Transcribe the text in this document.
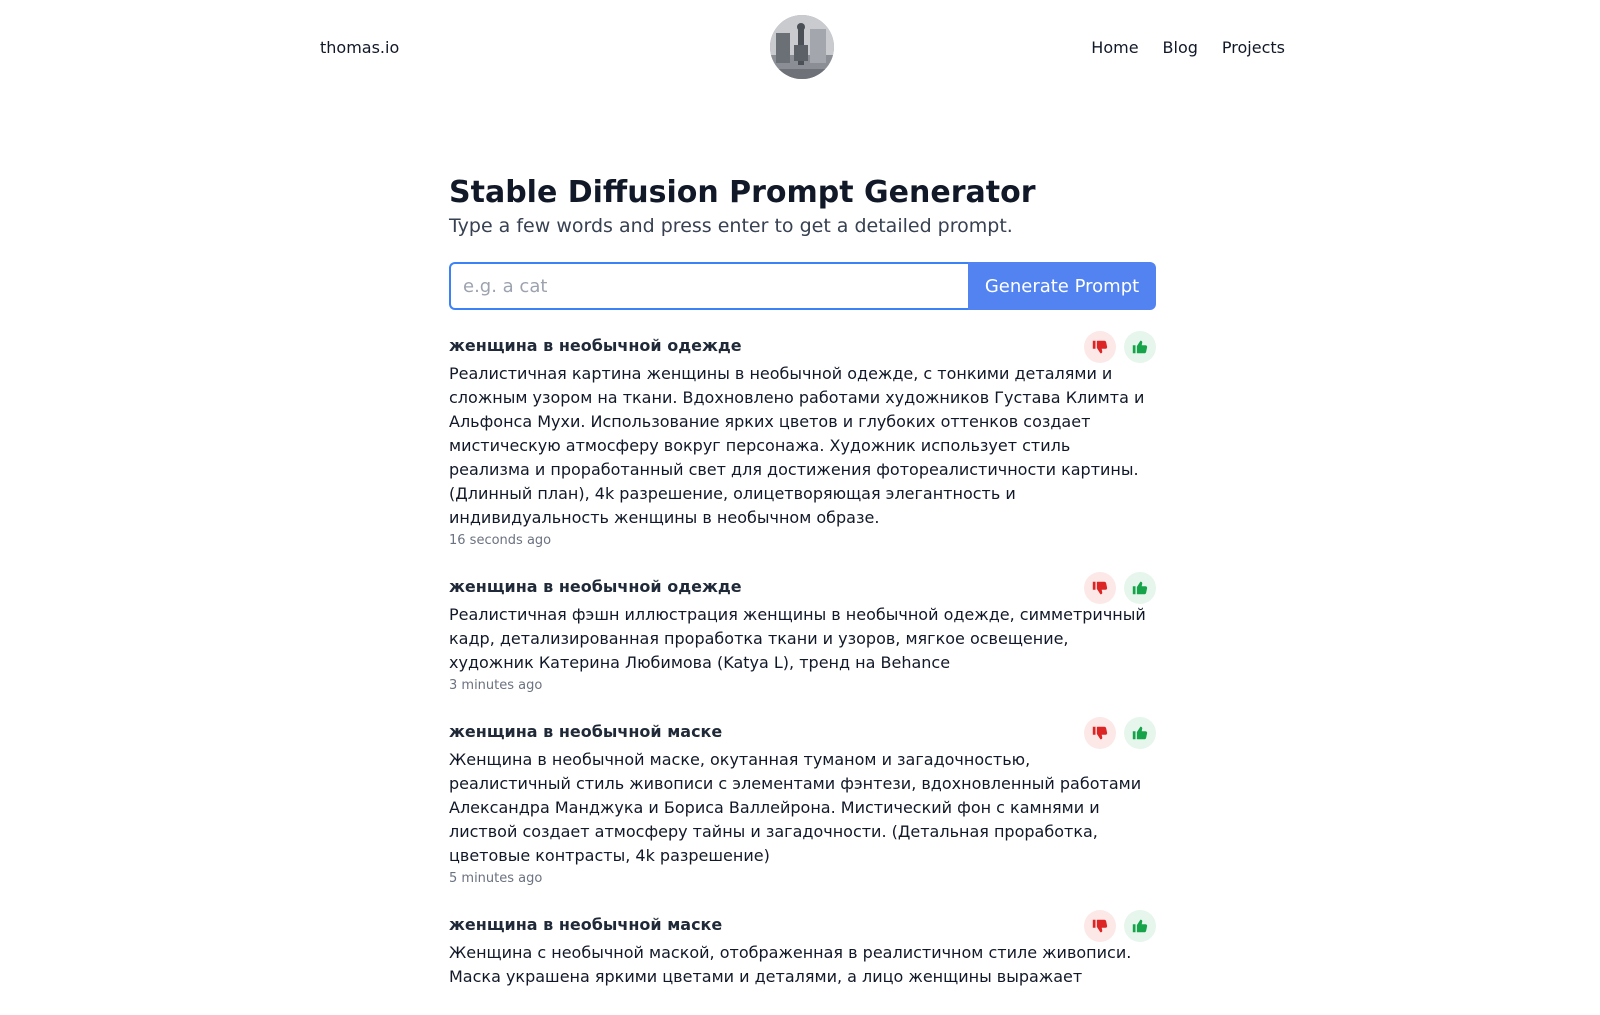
thomas.io	Home Blog Projects
Stable Diffusion Prompt Generator

Type a few words and press enter to get a detailed prompt.

e.g. a cat
Generate Prompt
женщина в необычной одежде

Реалистичная картина женщины в необычной одежде, с тонкими деталями и сложным узором на ткани. Вдохновлено работами художников Густава Климта и Альфонса Мухи. Использование ярких цветов и глубоких оттенков создает мистическую атмосферу вокруг персонажа. Художник использует стиль реализма и проработанный свет для достижения фотореалистичности картины. (Длинный план), 4k разрешение, олицетворяющая элегантность и индивидуальность женщины в необычном образе.

16 seconds ago
женщина в необычной одежде

Реалистичная фэшн иллюстрация женщины в необычной одежде, симметричный кадр, детализированная проработка ткани и узоров, мягкое освещение, художник Катерина Любимова (Katya L), тренд на Behance

3 minutes ago
женщина в необычной маске

Женщина в необычной маске, окутанная туманом и загадочностью, реалистичный стиль живописи с элементами фэнтези, вдохновленный работами Александра Манджука и Бориса Валлейрона. Мистический фон с камнями и листвой создает атмосферу тайны и загадочности. (Детальная проработка, цветовые контрасты, 4k разрешение)

5 minutes ago
женщина в необычной маске

Женщина с необычной маской, отображенная в реалистичном стиле живописи. Маска украшена яркими цветами и деталями, а лицо женщины выражает
